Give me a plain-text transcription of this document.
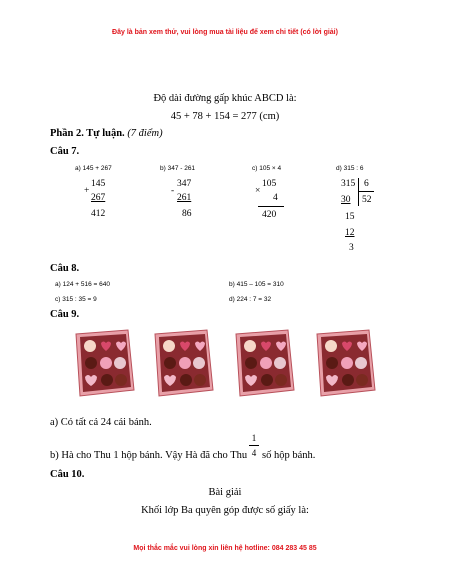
Đây là bản xem thử, vui lòng mua tài liệu để xem chi tiết (có lời giải)
Độ dài đường gấp khúc ABCD là:
45 + 78 + 154 = 277 (cm)
Phần 2. Tự luận. (7 điểm)
Câu 7.
a) 145 + 267	b) 347 - 261	c) 105 × 4	d) 315 : 6
145
+
267
412
347
-
261
86
105
×
4
420
315 6
30 52
15
12
3
Câu 8.
a) 124 + 516 = 640	b) 415 – 105 = 310
c) 315 : 35 = 9	d) 224 : 7 = 32
Câu 9.
a) Có tất cả 24 cái bánh.
b) Hà cho Thu 1 hộp bánh. Vậy Hà đã cho Thu
1
4 số hộp bánh.
Câu 10.
Bài giải
Khối lớp Ba quyên góp được số giấy là:
Mọi thắc mắc vui lòng xin liên hệ hotline: 084 283 45 85
